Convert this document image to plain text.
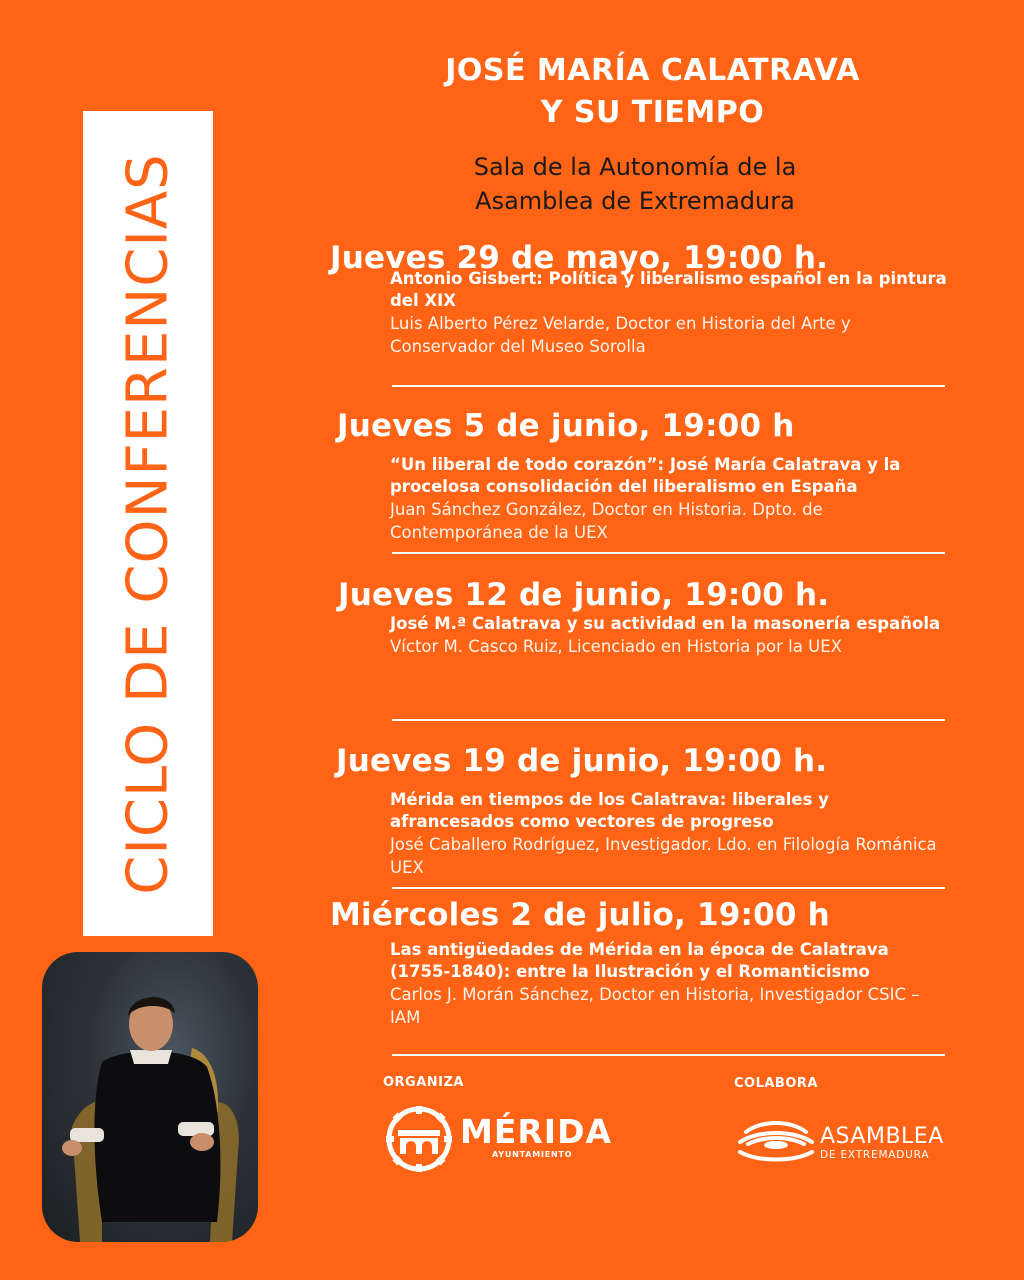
CICLO DE CONFERENCIAS
JOSÉ MARÍA CALATRAVA
Y SU TIEMPO
Sala de la Autonomía de la
Asamblea de Extremadura
Jueves 29 de mayo, 19:00 h.
Antonio Gisbert: Política y liberalismo español en la pintura del XIX
Luis Alberto Pérez Velarde, Doctor en Historia del Arte y Conservador del Museo Sorolla
Jueves 5 de junio, 19:00 h
“Un liberal de todo corazón”: José María Calatrava y la procelosa consolidación del liberalismo en España
Juan Sánchez González, Doctor en Historia. Dpto. de Contemporánea de la UEX
Jueves 12 de junio, 19:00 h.
José M.ª Calatrava y su actividad en la masonería española
Víctor M. Casco Ruiz, Licenciado en Historia por la UEX
Jueves 19 de junio, 19:00 h.
Mérida en tiempos de los Calatrava: liberales y afrancesados como vectores de progreso
José Caballero Rodríguez, Investigador. Ldo. en Filología Románica UEX
Miércoles 2 de julio, 19:00 h
Las antigüedades de Mérida en la época de Calatrava (1755-1840): entre la Ilustración y el Romanticismo
Carlos J. Morán Sánchez, Doctor en Historia, Investigador CSIC – IAM
ORGANIZA	COLABORA
MÉRIDA
AYUNTAMIENTO
ASAMBLEA
DE EXTREMADURA
